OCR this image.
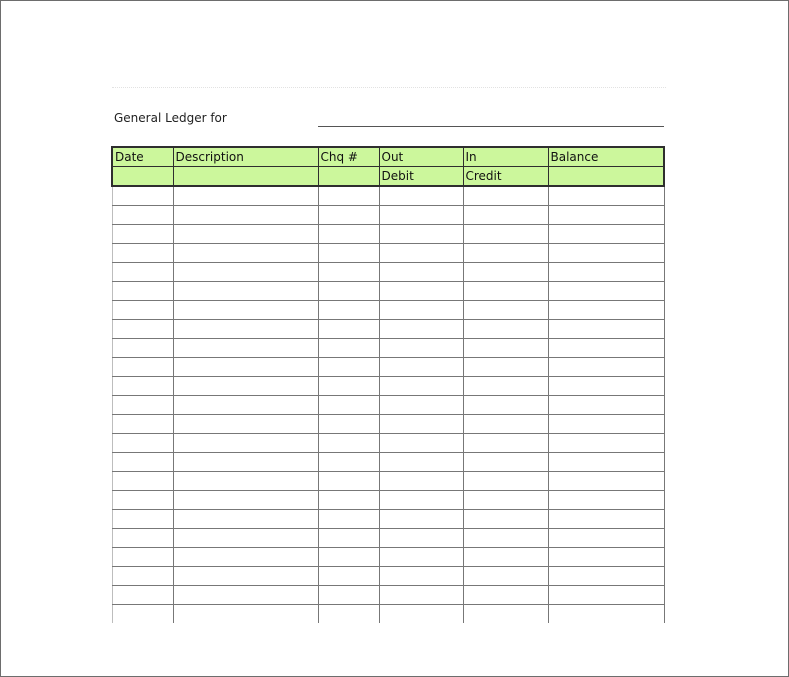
General Ledger for
Date	Description	Chq #	Out	In	Balance
			Debit	Credit	
